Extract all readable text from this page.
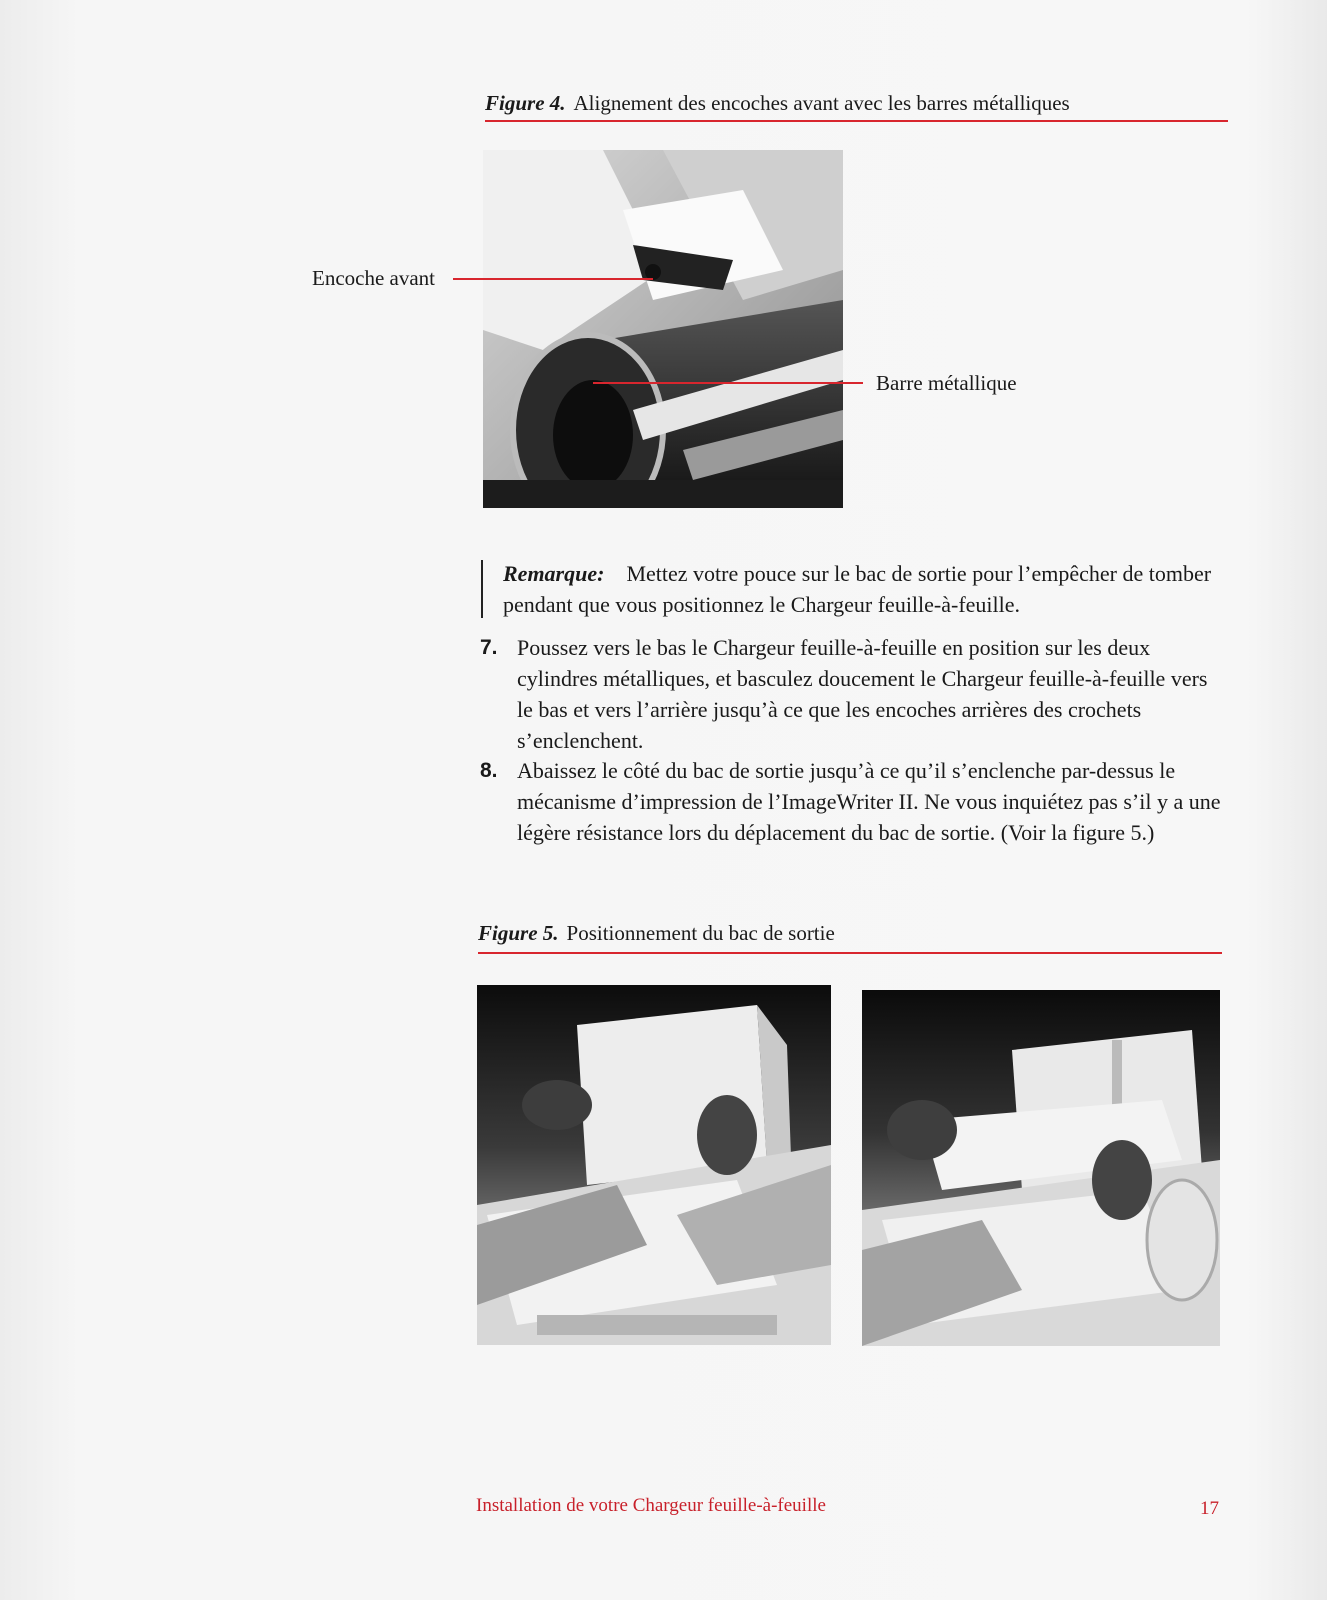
Figure 4. Alignement des encoches avant avec les barres métalliques
Encoche avant
Barre métallique
Remarque: Mettez votre pouce sur le bac de sortie pour l’empêcher de tomber pendant que vous positionnez le Chargeur feuille-à-feuille.
7. Poussez vers le bas le Chargeur feuille-à-feuille en position sur les deux cylindres métalliques, et basculez doucement le Chargeur feuille-à-feuille vers le bas et vers l’arrière jusqu’à ce que les encoches arrières des crochets s’enclenchent.
8. Abaissez le côté du bac de sortie jusqu’à ce qu’il s’enclenche par-dessus le mécanisme d’impression de l’ImageWriter II. Ne vous inquiétez pas s’il y a une légère résistance lors du déplacement du bac de sortie. (Voir la figure 5.)
Figure 5. Positionnement du bac de sortie
Installation de votre Chargeur feuille-à-feuille	17
